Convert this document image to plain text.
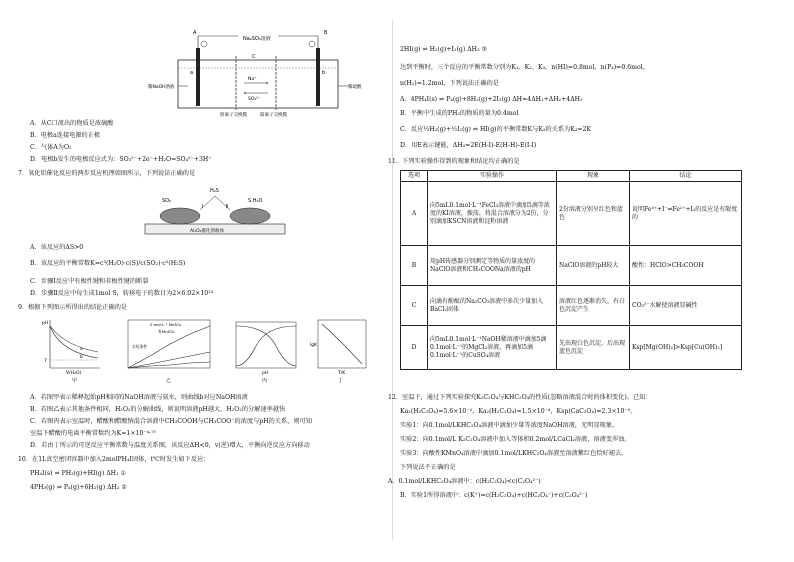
Na₂SO₃溶液
A	B
C
a	b
Na⁺
SO₃²⁻
稀NaOH溶液	稀硫酸
阴离子交换膜	阳离子交换膜
A．从C口流出的物质是浓硫酸
B．电极a连接电源的正极
C．气体A为O₂
D．电极b发生的电极反应式为：SO₃²⁻+2e⁻+H₂O=SO₄²⁻+3H⁺
7．氧化铝催化反应的两步反应机理如图所示，下列说法正确的是
H₂S
SO₂	S H₂O
Ⅰ	Ⅱ
Al₂O₃催化剂载体
A．该反应的ΔS>0
B．该反应的平衡常数K=c³(H₂O)·c(S)/c(SO₂)·c²(H₂S)
C．步骤Ⅰ反应中有极性键和非极性键的断裂
D．步骤Ⅱ反应中每生成1mol S，转移电子的数目为2×6.02×10²³
9．根据下列图示所得出的结论正确的是
pH
7
a
b
V(H₂O)
甲
0 mol·L⁻¹ MnSO₄
有MnSO₄
实验条件
乙
pH
丙
lgK
T/K
丁
A．若图甲表示稀释起始pH相同的NaOH溶液与氨水，则曲线b对应NaOH溶液
B．若图乙表示其他条件相同，H₂O₂的分解曲线，则说明溶液pH越大，H₂O₂的分解速率越快
C．若图丙表示室温时，醋酸和醋酸钠混合溶液中CH₃COOH与CH₃COO⁻的浓度与pH的关系，则可知
室温下醋酸的电离平衡常数约为K=1×10⁻⁴·⁷⁵
D．若由丁所示的可逆反应平衡常数与温度关系图，该反应ΔH<0，v(逆)增大，平衡向逆反应方向移动
10．在1L真空密闭容器中加入2molPH₄I固体，t℃时发生如下反应：
PH₄I(s) ⇌ PH₃(g)+HI(g) ΔH₁ ①
4PH₃(g) ⇌ P₄(g)+6H₂(g) ΔH₂ ②
2HI(g) ⇌ H₂(g)+I₂(g) ΔH₃ ③
达到平衡时，三个反应的平衡常数分别为K₁、K₂、K₃，n(HI)=0.8mol，n(P₄)=0.6mol，
n(H₂)=1.2mol，下列说法正确的是
A．4PH₄I(s) ⇌ P₄(g)+8H₂(g)+2I₂(g) ΔH=4ΔH₁+ΔH₂+4ΔH₃
B．平衡中生成的PH₃的物质的量为0.4mol
C．反应½H₂(g)+½I₂(g) ⇌ HI(g)的平衡常数K与K₃的关系为K₃=2K
D．用E表示键能，ΔH₃=2E(H-I)-E(H-H)-E(I-I)
11．下列实验操作得到的现象和结论均正确的是
选项	实验操作	现象	结论
A	向5mL0.1mol·L⁻¹FeCl₃溶液中滴加5滴等浓度的KI溶液，振荡，将混合溶液分为2份，分别滴加KSCN溶液和淀粉溶液	2份溶液分别呈红色和蓝色	说明Fe³⁺+I⁻⇌Fe²⁺+I₂的反应是有限度的
B	用pH传感器分别测定等物质的量浓度的NaClO溶液和CH₃COONa溶液的pH	NaClO溶液的pH较大	酸性：HClO>CH₃COOH
C	向滴有酚酞的Na₂CO₃溶液中多次少量加入BaCl₂固体	溶液红色逐渐消失，有白色沉淀产生	CO₃²⁻水解使溶液显碱性
D	向5mL0.1mol·L⁻¹NaOH稀溶液中滴加5滴0.1mol·L⁻¹的MgCl₂溶液，再滴加5滴0.1mol·L⁻¹的CuSO₄溶液	先出现白色沉淀，后出现蓝色沉淀	Ksp[Mg(OH)₂]>Ksp[Cu(OH)₂]
12．室温下，通过下列实验探究K₂C₂O₄与KHC₂O₄的性质(忽略溶液混合时的体积变化)。已知：
Ka₁(H₂C₂O₄)=5.6×10⁻²，Ka₂(H₂C₂O₄)=1.5×10⁻⁴，Ksp(CaC₂O₄)=2.3×10⁻⁹。
实验1：向0.1mol/LKHC₂O₄溶液中滴加少量等浓度NaOH溶液，无明显现象。
实验2：向0.1mol/L K₂C₂O₄溶液中加入等体积0.2mol/LCaCl₂溶液，溶液变浑浊。
实验3：向酸性KMnO₄溶液中滴加0.1mol/LKHC₂O₄溶液至溶液紫红色恰好褪去。
下列说法不正确的是
A．0.1mol/LKHC₂O₄溶液中：c(H₂C₂O₄)<c(C₂O₄²⁻)
B．实验1所得溶液中：c(K⁺)=c(H₂C₂O₄)+c(HC₂O₄⁻)+c(C₂O₄²⁻)
